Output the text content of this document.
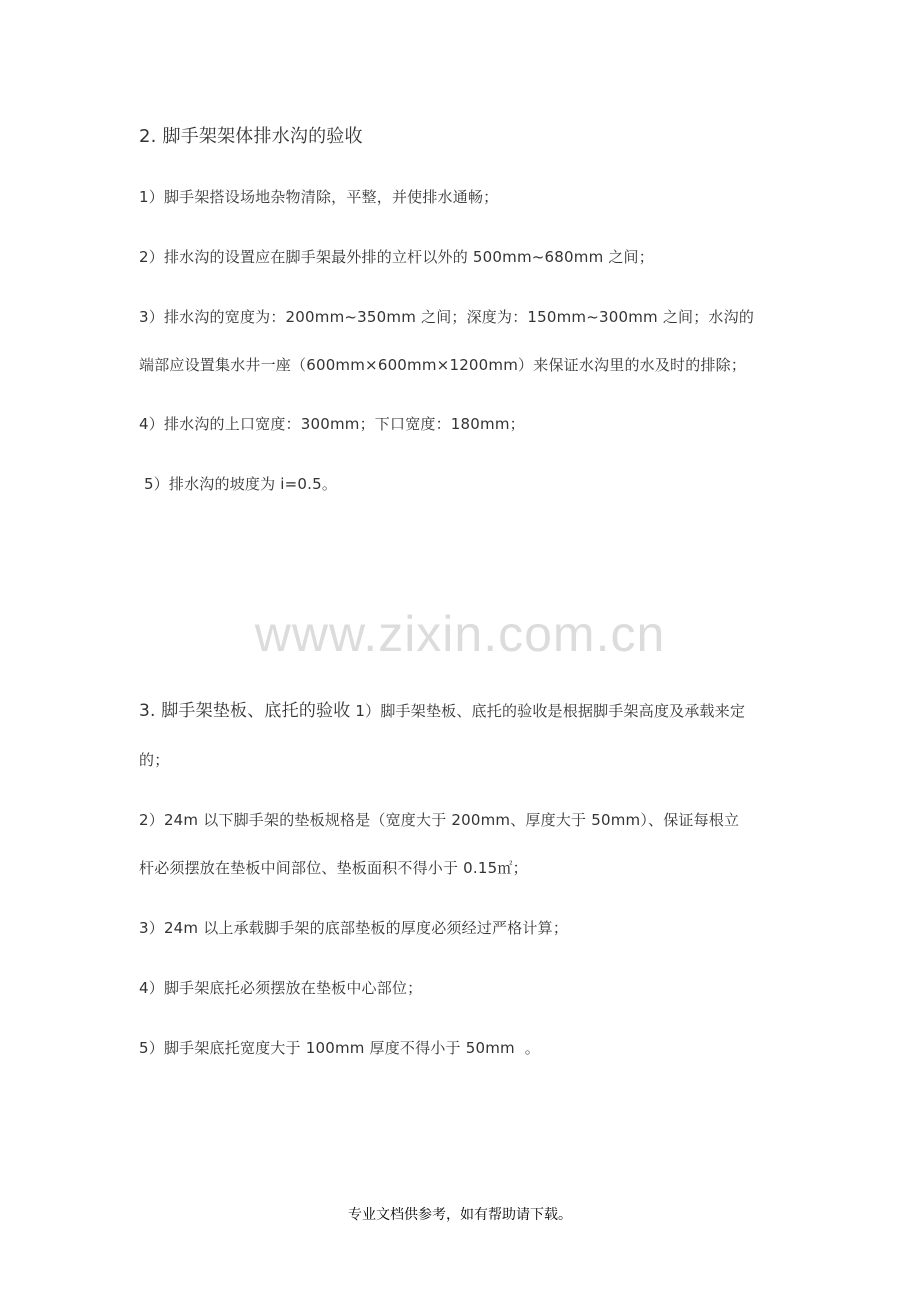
2. 脚手架架体排水沟的验收
1）脚手架搭设场地杂物清除，平整，并使排水通畅；
2）排水沟的设置应在脚手架最外排的立杆以外的 500mm~680mm 之间；
3）排水沟的宽度为：200mm~350mm 之间；深度为：150mm~300mm 之间；水沟的
端部应设置集水井一座（600mm×600mm×1200mm）来保证水沟里的水及时的排除；
4）排水沟的上口宽度：300mm；下口宽度：180mm；
5）排水沟的坡度为 i=0.5。
www.zixin.com.cn
3. 脚手架垫板、底托的验收 1）脚手架垫板、底托的验收是根据脚手架高度及承载来定
的；
2）24m 以下脚手架的垫板规格是（宽度大于 200mm、厚度大于 50mm）、保证每根立
杆必须摆放在垫板中间部位、垫板面积不得小于 0.15㎡；
3）24m 以上承载脚手架的底部垫板的厚度必须经过严格计算；
4）脚手架底托必须摆放在垫板中心部位；
5）脚手架底托宽度大于 100mm 厚度不得小于 50mm  。
专业文档供参考，如有帮助请下载。
